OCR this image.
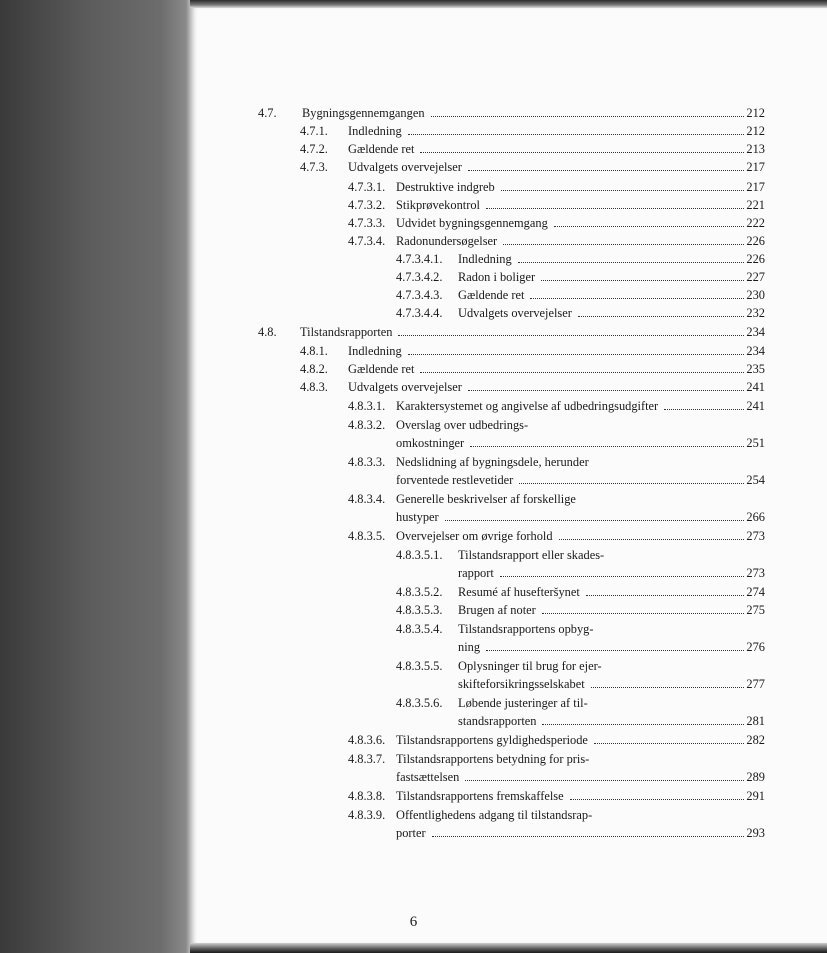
4.7. Bygningsgennemgangen	212
4.7.1. Indledning	212
4.7.2. Gældende ret	213
4.7.3. Udvalgets overvejelser	217
4.7.3.1. Destruktive indgreb	217
4.7.3.2. Stikprøvekontrol	221
4.7.3.3. Udvidet bygningsgennemgang	222
4.7.3.4. Radonundersøgelser	226
4.7.3.4.1. Indledning	226
4.7.3.4.2. Radon i boliger	227
4.7.3.4.3. Gældende ret	230
4.7.3.4.4. Udvalgets overvejelser	232
4.8. Tilstandsrapporten	234
4.8.1. Indledning	234
4.8.2. Gældende ret	235
4.8.3. Udvalgets overvejelser	241
4.8.3.1. Karaktersystemet og angivelse af udbedringsudgifter	241
4.8.3.2. Overslag over udbedrings-
omkostninger	251
4.8.3.3. Nedslidning af bygningsdele, herunder
forventede restlevetider	254
4.8.3.4. Generelle beskrivelser af forskellige
hustyper	266
4.8.3.5. Overvejelser om øvrige forhold	273
4.8.3.5.1. Tilstandsrapport eller skades-
rapport	273
4.8.3.5.2. Resumé af husefteršynet	274
4.8.3.5.3. Brugen af noter	275
4.8.3.5.4. Tilstandsrapportens opbyg-
ning	276
4.8.3.5.5. Oplysninger til brug for ejer-
skifteforsikringsselskabet	277
4.8.3.5.6. Løbende justeringer af til-
standsrapporten	281
4.8.3.6. Tilstandsrapportens gyldighedsperiode	282
4.8.3.7. Tilstandsrapportens betydning for pris-
fastsættelsen	289
4.8.3.8. Tilstandsrapportens fremskaffelse	291
4.8.3.9. Offentlighedens adgang til tilstandsrap-
porter	293
6
